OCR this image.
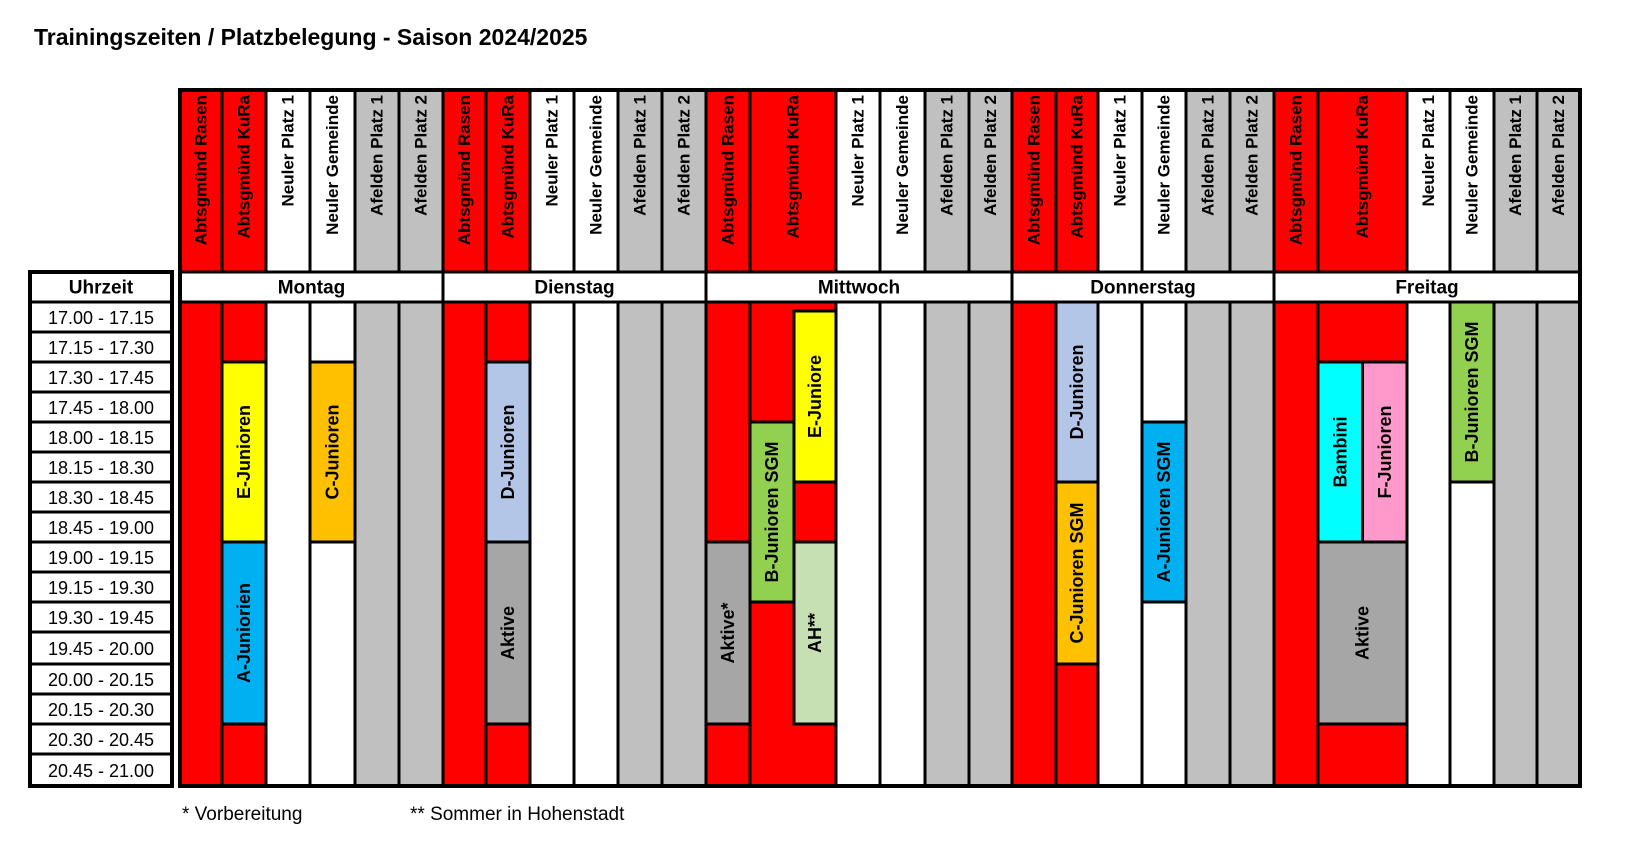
Trainingszeiten / Platzbelegung - Saison 2024/2025
Uhrzeit
17.00 - 17.15
17.15 - 17.30
17.30 - 17.45
17.45 - 18.00
18.00 - 18.15
18.15 - 18.30
18.30 - 18.45
18.45 - 19.00
19.00 - 19.15
19.15 - 19.30
19.30 - 19.45
19.45 - 20.00
20.00 - 20.15
20.15 - 20.30
20.30 - 20.45
20.45 - 21.00
Montag
Abtsgmünd Rasen Abtsgmünd KuRa
E-Junioren
A-Juniorien
Neuler Platz 1 Neuler Gemeinde
C-Junioren
Afelden Platz 1 Afelden Platz 2
Dienstag
Abtsgmünd Rasen Abtsgmünd KuRa
D-Junioren
Aktive
Neuler Platz 1 Neuler Gemeinde Afelden Platz 1 Afelden Platz 2
Mittwoch
Abtsgmünd Rasen
Aktive*
Abtsgmünd KuRa
B-Junioren SGM
E-Juniore
AH**
Neuler Platz 1 Neuler Gemeinde Afelden Platz 1 Afelden Platz 2
Donnerstag
Abtsgmünd Rasen Abtsgmünd KuRa
D-Junioren
C-Junioren SGM
Neuler Platz 1 Neuler Gemeinde
A-Junioren SGM
Afelden Platz 1 Afelden Platz 2
Freitag
Abtsgmünd Rasen	Abtsgmünd KuRa
Bambini F-Junioren
Aktive
Neuler Platz 1 Neuler Gemeinde
B-Junioren SGM
Afelden Platz 1 Afelden Platz 2
* Vorbereitung	** Sommer in Hohenstadt
